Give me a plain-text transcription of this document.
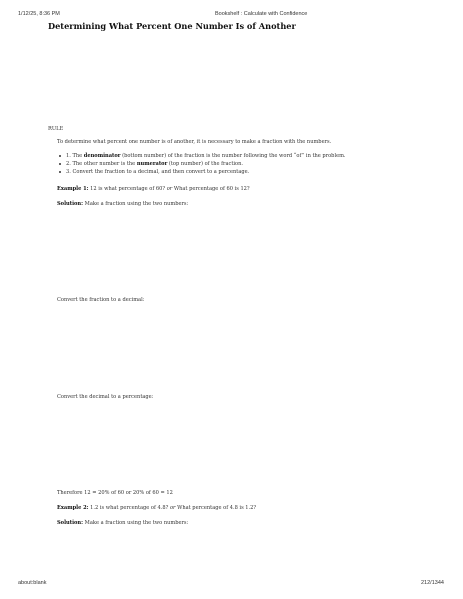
1/12/25, 8:36 PM	Bookshelf : Calculate with Confidence
about:blank	212/1344
Determining What Percent One Number Is of Another
RULE
To determine what percent one number is of another, it is necessary to make a fraction with the numbers.
1. The denominator (bottom number) of the fraction is the number following the word “of” in the problem.
2. The other number is the numerator (top number) of the fraction.
3. Convert the fraction to a decimal, and then convert to a percentage.
Example 1: 12 is what percentage of 60? or What percentage of 60 is 12?
Solution: Make a fraction using the two numbers:
Convert the fraction to a decimal:
Convert the decimal to a percentage:
Therefore 12 = 20% of 60 or 20% of 60 = 12
Example 2: 1.2 is what percentage of 4.8? or What percentage of 4.8 is 1.2?
Solution: Make a fraction using the two numbers:
